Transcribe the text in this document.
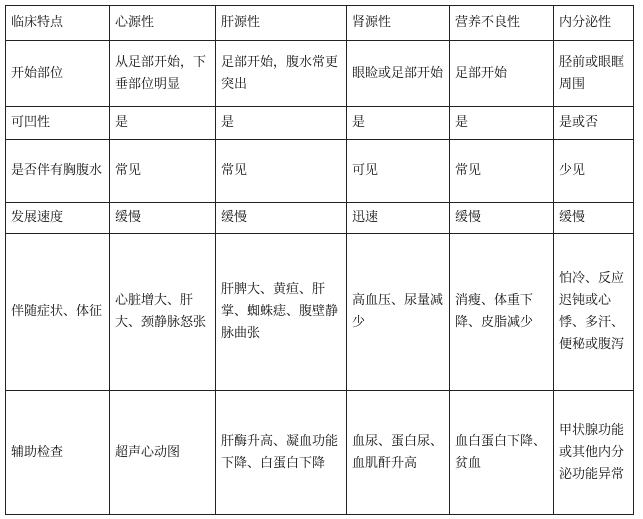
临床特点	心源性	肝源性	肾源性	营养不良性	内分泌性
开始部位	从足部开始，下垂部位明显	足部开始，腹水常更突出	眼睑或足部开始	足部开始	胫前或眼眶周围
可凹性	是	是	是	是	是或否
是否伴有胸腹水	常见	常见	可见	常见	少见
发展速度	缓慢	缓慢	迅速	缓慢	缓慢
伴随症状、体征	心脏增大、肝大、颈静脉怒张	肝脾大、黄疸、肝掌、蜘蛛痣、腹壁静脉曲张	高血压、尿量减少	消瘦、体重下降、皮脂减少	怕冷、反应迟钝或心悸、多汗、便秘或腹泻
辅助检查	超声心动图	肝酶升高、凝血功能下降、白蛋白下降	血尿、蛋白尿、血肌酐升高	血白蛋白下降、贫血	甲状腺功能或其他内分泌功能异常
